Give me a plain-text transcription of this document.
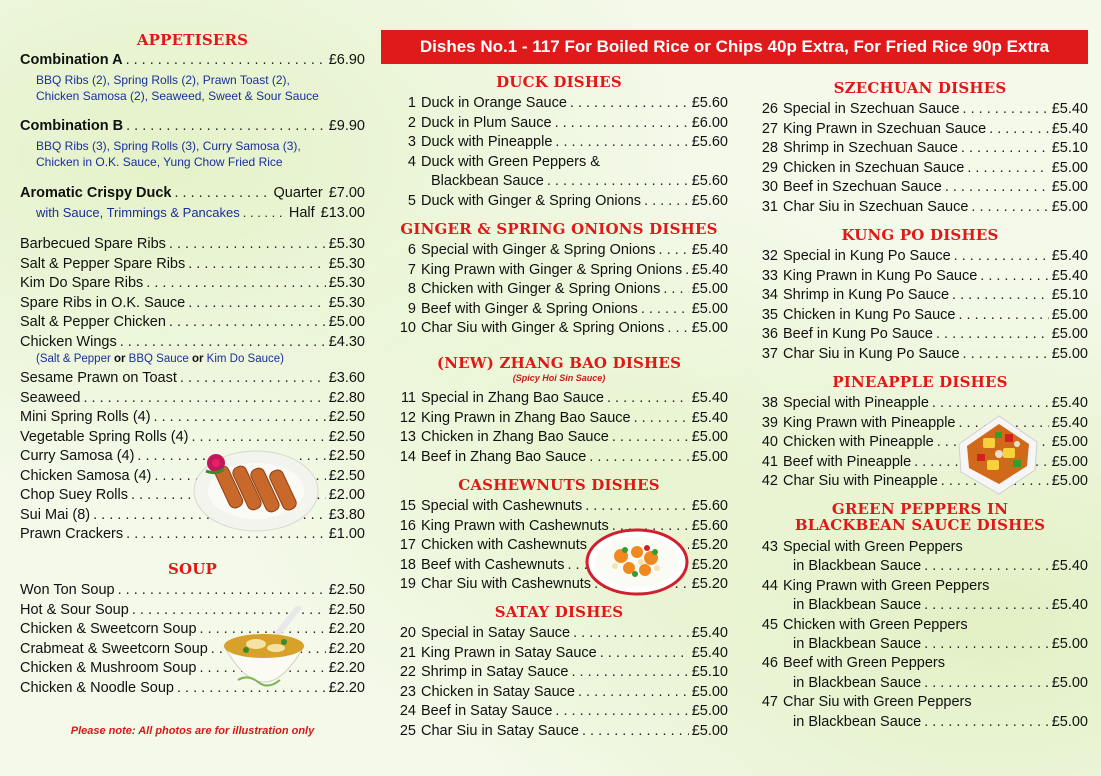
APPETISERS
Combination A . . .	£6.90
BBQ Ribs (2), Spring Rolls (2), Prawn Toast (2),
Chicken Samosa (2), Seaweed, Sweet & Sour Sauce
Combination B . . .	£9.90
BBQ Ribs (3), Spring Rolls (3), Curry Samosa (3),
Chicken in O.K. Sauce, Yung Chow Fried Rice
Aromatic Crispy Duck . . .	Quarter £7.00
with Sauce, Trimmings & Pancakes . . .	Half £13.00
Barbecued Spare Ribs . . .	£5.30
Salt & Pepper Spare Ribs . . .	£5.30
Kim Do Spare Ribs . . .	£5.30
Spare Ribs in O.K. Sauce . . .	£5.30
Salt & Pepper Chicken . . .	£5.00
Chicken Wings . . .	£4.30
(Salt & Pepper or BBQ Sauce or Kim Do Sauce)
Sesame Prawn on Toast . . .	£3.60
Seaweed . . .	£2.80
Mini Spring Rolls (4) . . .	£2.50
Vegetable Spring Rolls (4) . . .	£2.50
Curry Samosa (4) . . .	£2.50
Chicken Samosa (4) . . .	£2.50
Chop Suey Rolls . . .	£2.00
Sui Mai (8) . . .	£3.80
Prawn Crackers . . .	£1.00
SOUP
Won Ton Soup . . .	£2.50
Hot & Sour Soup . . .	£2.50
Chicken & Sweetcorn Soup . . .	£2.20
Crabmeat & Sweetcorn Soup . . .	£2.20
Chicken & Mushroom Soup . . .	£2.20
Chicken & Noodle Soup . . .	£2.20
Please note: All photos are for illustration only
Dishes No.1 - 117 For Boiled Rice or Chips 40p Extra, For Fried Rice 90p Extra
DUCK DISHES
1 Duck in Orange Sauce . . .	£5.60
2 Duck in Plum Sauce . . .	£6.00
3 Duck with Pineapple . . .	£5.60
4 Duck with Green Peppers &
Blackbean Sauce . . .	£5.60
5 Duck with Ginger & Spring Onions . . .	£5.60
GINGER & SPRING ONIONS DISHES
6 Special with Ginger & Spring Onions . . . £5.40
7 King Prawn with Ginger & Spring Onions . . . £5.40
8 Chicken with Ginger & Spring Onions . . . £5.00
9 Beef with Ginger & Spring Onions . . .	£5.00
10 Char Siu with Ginger & Spring Onions . . . £5.00
(NEW) ZHANG BAO DISHES
(Spicy Hoi Sin Sauce)
11 Special in Zhang Bao Sauce . . .	£5.40
12 King Prawn in Zhang Bao Sauce . . .	£5.40
13 Chicken in Zhang Bao Sauce . . .	£5.00
14 Beef in Zhang Bao Sauce . . .	£5.00
CASHEWNUTS DISHES
15 Special with Cashewnuts . . .	£5.60
16 King Prawn with Cashewnuts . . .	£5.60
17 Chicken with Cashewnuts . . .	£5.20
18 Beef with Cashewnuts . . .	£5.20
19 Char Siu with Cashewnuts . . .	£5.20
SATAY DISHES
20 Special in Satay Sauce . . .	£5.40
21 King Prawn in Satay Sauce . . .	£5.40
22 Shrimp in Satay Sauce . . .	£5.10
23 Chicken in Satay Sauce . . .	£5.00
24 Beef in Satay Sauce . . .	£5.00
25 Char Siu in Satay Sauce . . .	£5.00
SZECHUAN DISHES
26 Special in Szechuan Sauce . . .	£5.40
27 King Prawn in Szechuan Sauce . . .	£5.40
28 Shrimp in Szechuan Sauce . . .	£5.10
29 Chicken in Szechuan Sauce . . .	£5.00
30 Beef in Szechuan Sauce . . .	£5.00
31 Char Siu in Szechuan Sauce . . .	£5.00
KUNG PO DISHES
32 Special in Kung Po Sauce . . .	£5.40
33 King Prawn in Kung Po Sauce . . .	£5.40
34 Shrimp in Kung Po Sauce . . .	£5.10
35 Chicken in Kung Po Sauce . . .	£5.00
36 Beef in Kung Po Sauce . . .	£5.00
37 Char Siu in Kung Po Sauce . . .	£5.00
PINEAPPLE DISHES
38 Special with Pineapple . . .	£5.40
39 King Prawn with Pineapple . . .	£5.40
40 Chicken with Pineapple . . .	£5.00
41 Beef with Pineapple . . .	£5.00
42 Char Siu with Pineapple . . .	£5.00
GREEN PEPPERS IN
BLACKBEAN SAUCE DISHES
43 Special with Green Peppers
in Blackbean Sauce . . .	£5.40
44 King Prawn with Green Peppers
in Blackbean Sauce . . .	£5.40
45 Chicken with Green Peppers
in Blackbean Sauce . . .	£5.00
46 Beef with Green Peppers
in Blackbean Sauce . . .	£5.00
47 Char Siu with Green Peppers
in Blackbean Sauce . . .	£5.00
